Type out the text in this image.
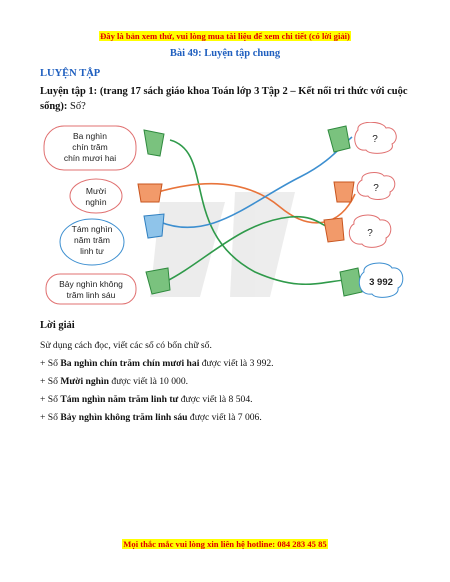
Đây là bản xem thử, vui lòng mua tài liệu để xem chi tiết (có lời giải)
Bài 49: Luyện tập chung
LUYỆN TẬP
Luyện tập 1: (trang 17 sách giáo khoa Toán lớp 3 Tập 2 – Kết nối tri thức với cuộc sống): Số?
Ba nghìn
chín trăm
chín mươi hai
Mười
nghìn
Tám nghìn
năm trăm
linh tư
Bảy nghìn không
trăm linh sáu
?
?
?
3 992
Lời giải
Sử dụng cách đọc, viết các số có bốn chữ số.
+ Số Ba nghìn chín trăm chín mươi hai được viết là 3 992.
+ Số Mười nghìn được viết là 10 000.
+ Số Tám nghìn năm trăm linh tư được viết là 8 504.
+ Số Bảy nghìn không trăm linh sáu được viết là 7 006.
Mọi thắc mắc vui lòng xin liên hệ hotline: 084 283 45 85
